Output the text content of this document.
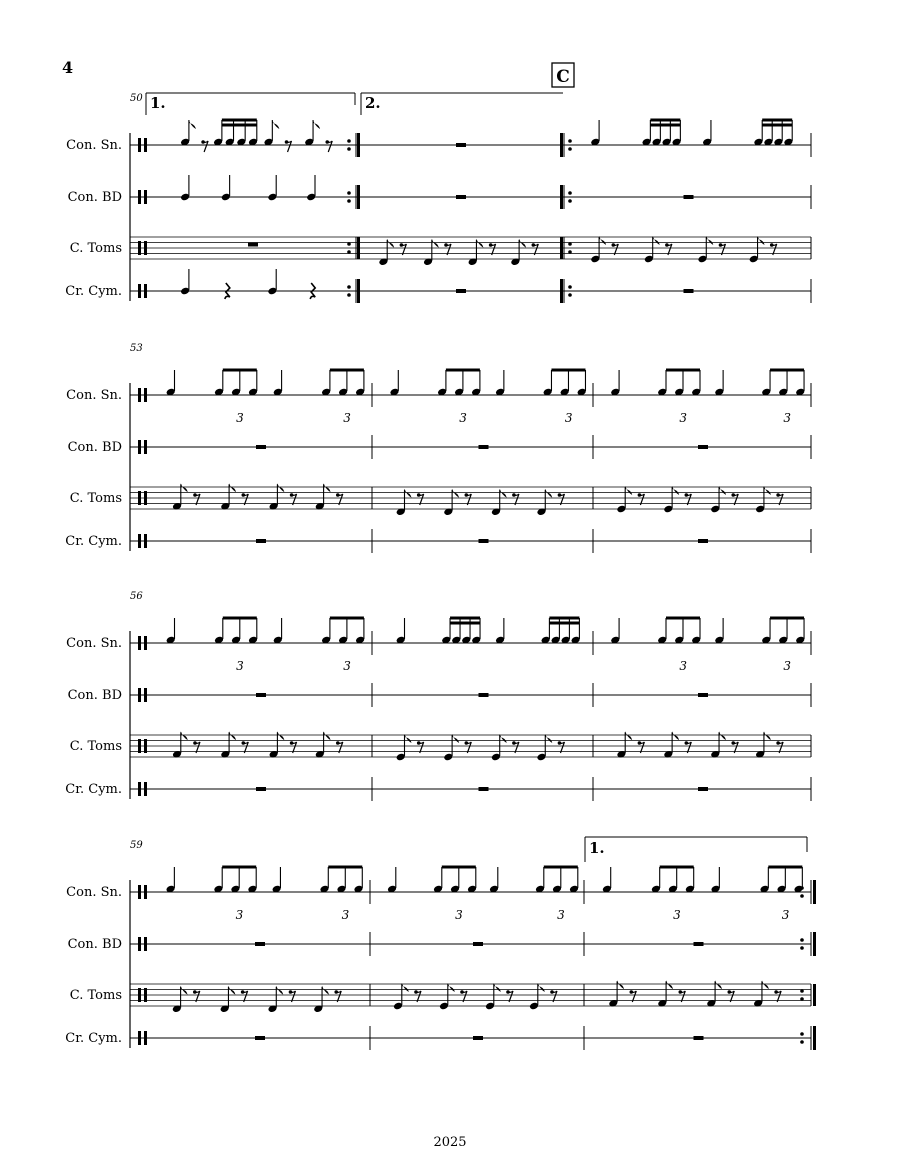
4
50
Con. Sn.
Con. BD
C. Toms
Cr. Cym.
1.	2.
C
53
Con. Sn.
Con. BD
C. Toms
Cr. Cym.
3	3	3	3	3	3
56
Con. Sn.
Con. BD
C. Toms
Cr. Cym.
3	3	3	3
59
Con. Sn.
Con. BD
C. Toms
Cr. Cym.
3	3	3	3	3	3
1.
2025
